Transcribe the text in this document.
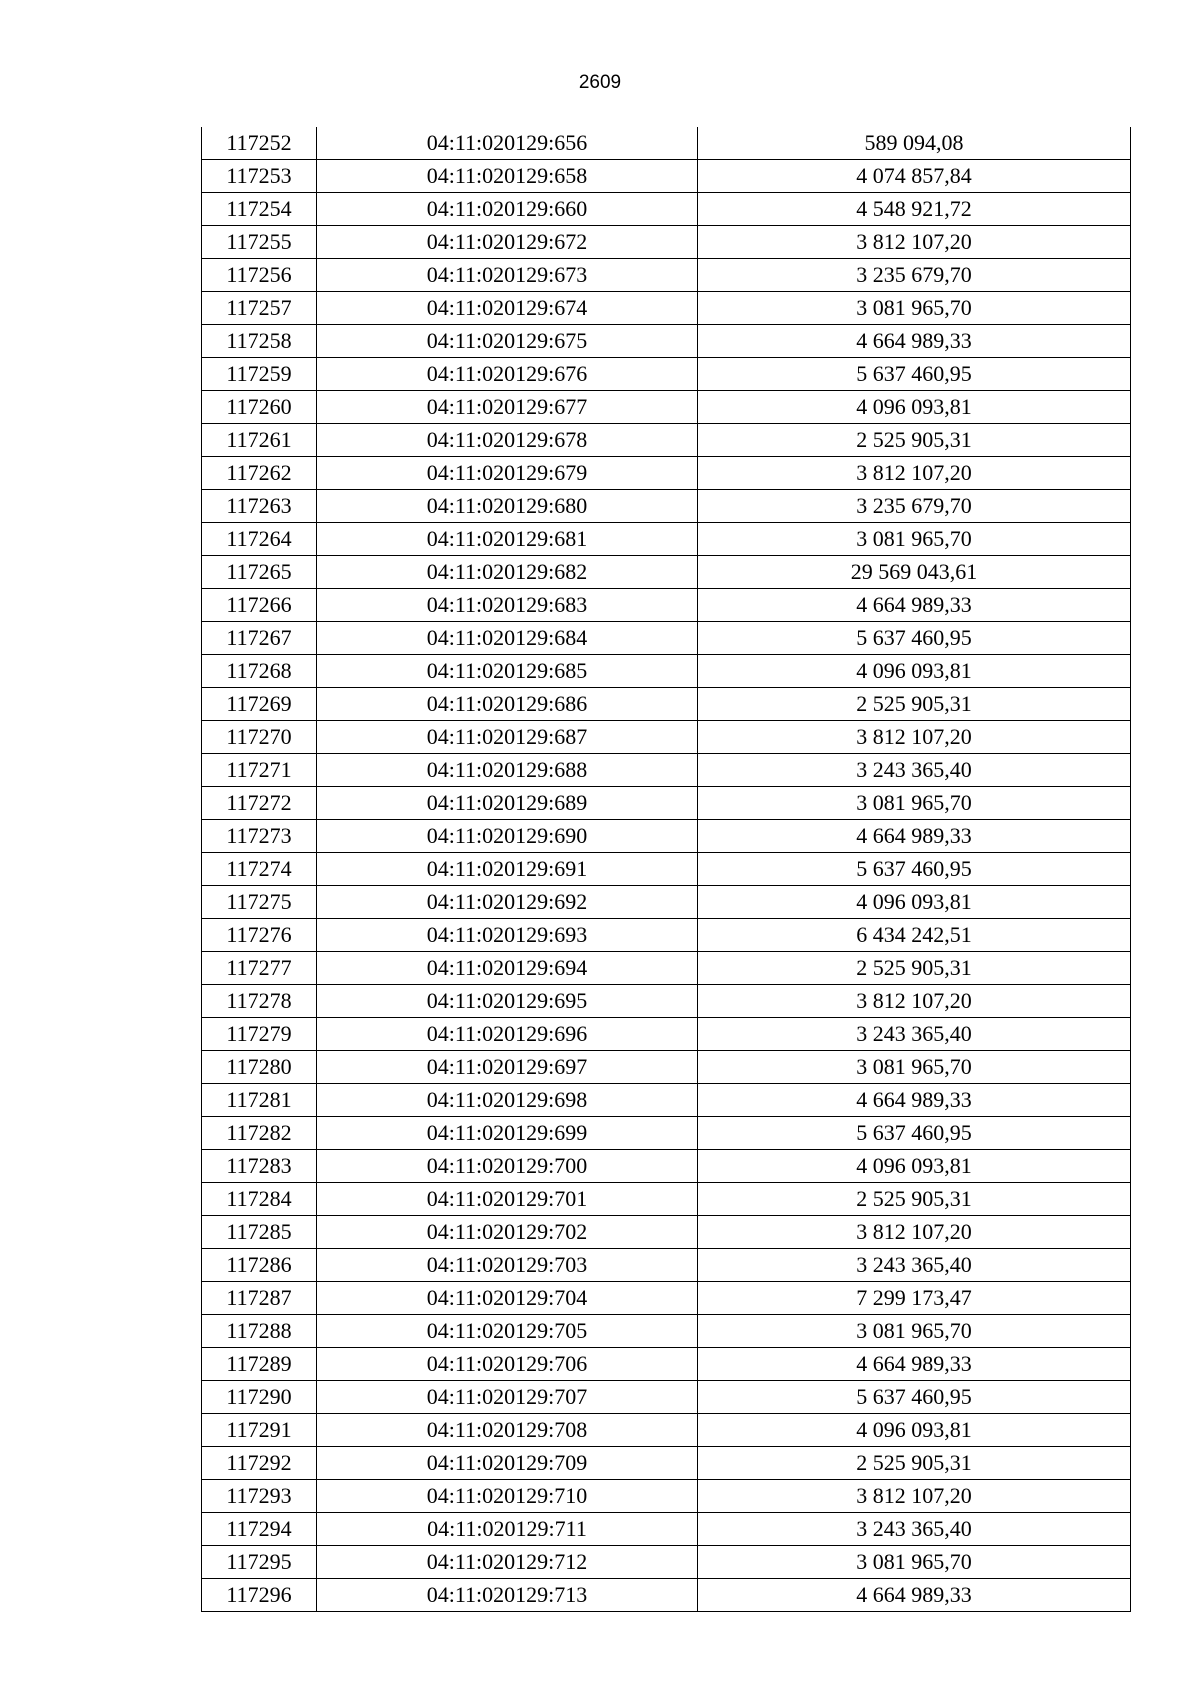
2609
117252	04:11:020129:656	589 094,08
117253	04:11:020129:658	4 074 857,84
117254	04:11:020129:660	4 548 921,72
117255	04:11:020129:672	3 812 107,20
117256	04:11:020129:673	3 235 679,70
117257	04:11:020129:674	3 081 965,70
117258	04:11:020129:675	4 664 989,33
117259	04:11:020129:676	5 637 460,95
117260	04:11:020129:677	4 096 093,81
117261	04:11:020129:678	2 525 905,31
117262	04:11:020129:679	3 812 107,20
117263	04:11:020129:680	3 235 679,70
117264	04:11:020129:681	3 081 965,70
117265	04:11:020129:682	29 569 043,61
117266	04:11:020129:683	4 664 989,33
117267	04:11:020129:684	5 637 460,95
117268	04:11:020129:685	4 096 093,81
117269	04:11:020129:686	2 525 905,31
117270	04:11:020129:687	3 812 107,20
117271	04:11:020129:688	3 243 365,40
117272	04:11:020129:689	3 081 965,70
117273	04:11:020129:690	4 664 989,33
117274	04:11:020129:691	5 637 460,95
117275	04:11:020129:692	4 096 093,81
117276	04:11:020129:693	6 434 242,51
117277	04:11:020129:694	2 525 905,31
117278	04:11:020129:695	3 812 107,20
117279	04:11:020129:696	3 243 365,40
117280	04:11:020129:697	3 081 965,70
117281	04:11:020129:698	4 664 989,33
117282	04:11:020129:699	5 637 460,95
117283	04:11:020129:700	4 096 093,81
117284	04:11:020129:701	2 525 905,31
117285	04:11:020129:702	3 812 107,20
117286	04:11:020129:703	3 243 365,40
117287	04:11:020129:704	7 299 173,47
117288	04:11:020129:705	3 081 965,70
117289	04:11:020129:706	4 664 989,33
117290	04:11:020129:707	5 637 460,95
117291	04:11:020129:708	4 096 093,81
117292	04:11:020129:709	2 525 905,31
117293	04:11:020129:710	3 812 107,20
117294	04:11:020129:711	3 243 365,40
117295	04:11:020129:712	3 081 965,70
117296	04:11:020129:713	4 664 989,33
